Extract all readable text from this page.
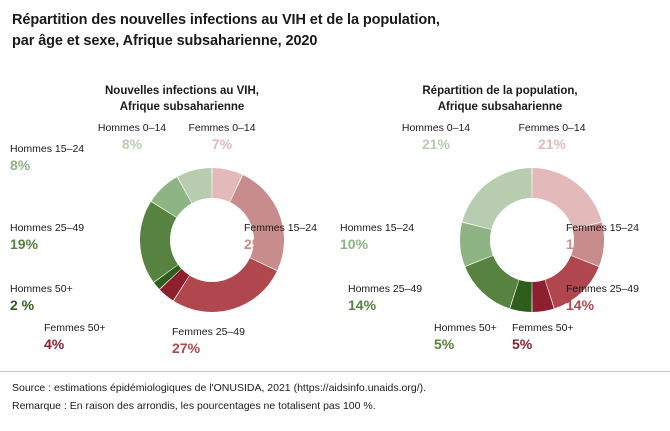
Répartition des nouvelles infections au VIH et de la population,
par âge et sexe, Afrique subsaharienne, 2020
Nouvelles infections au VIH,
Afrique subsaharienne
Hommes 0–14
8%
Femmes 0–14
7%
Hommes 15–24
8%
Hommes 25–49
19%
Femmes 15–24
25%
Hommes 50+
2 %
Femmes 50+
4%
Femmes 25–49
27%
Répartition de la population,
Afrique subsaharienne
Hommes 0–14
21%
Femmes 0–14
21%
Hommes 15–24
10%
Femmes 15–24
10%
Hommes 25–49
14%
Femmes 25–49
14%
Hommes 50+
5%
Femmes 50+
5%
Source : estimations épidémiologiques de l'ONUSIDA, 2021 (https://aidsinfo.unaids.org/).
Remarque : En raison des arrondis, les pourcentages ne totalisent pas 100 %.
